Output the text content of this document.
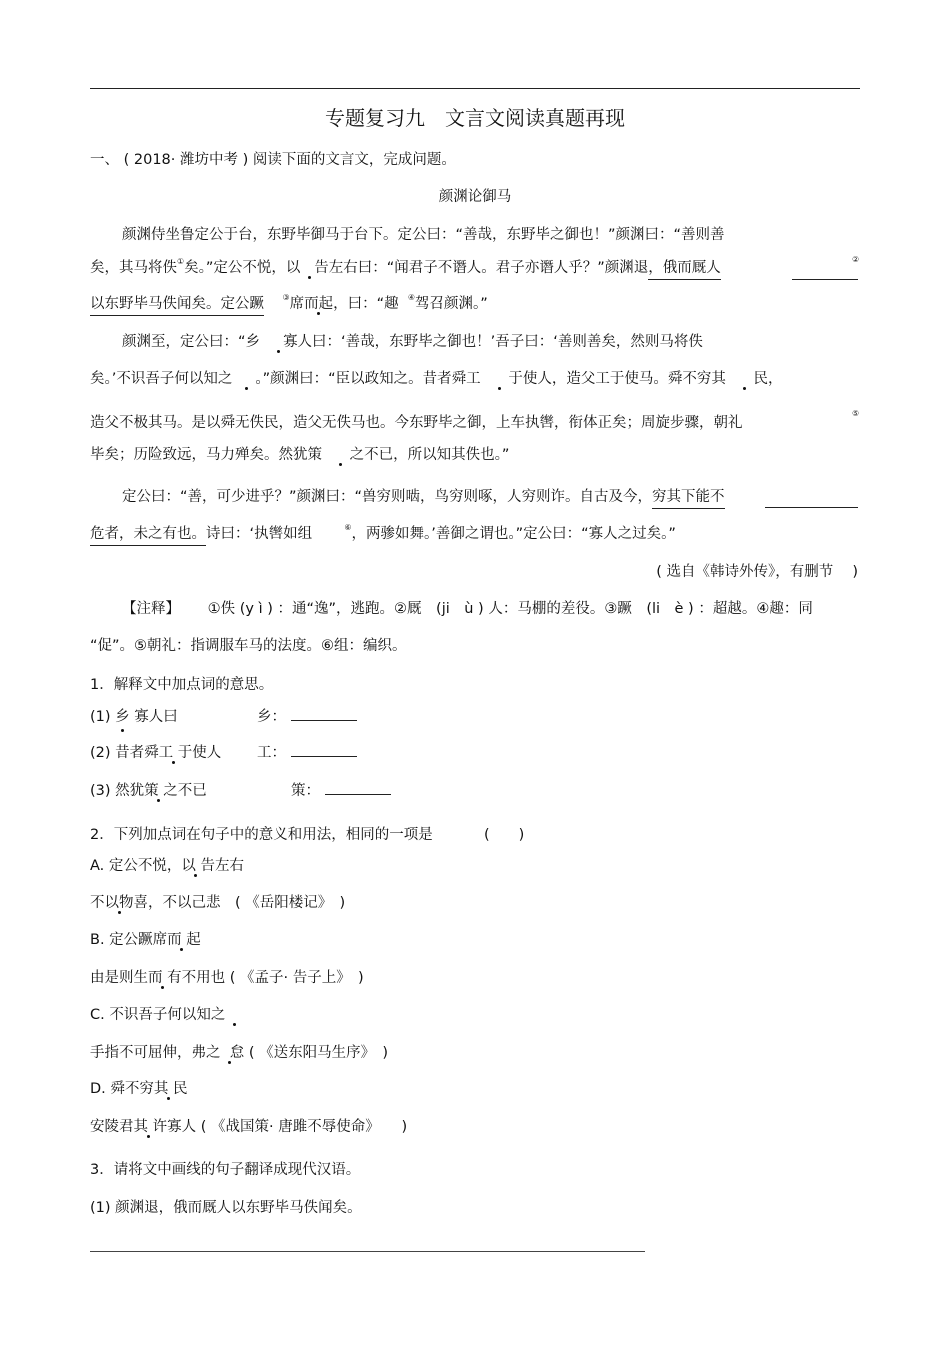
专题复习九　文言文阅读真题再现
一、 ( 2018· 潍坊中考 ) 阅读下面的文言文，完成问题。
颜渊论御马
颜渊侍坐鲁定公于台，东野毕御马于台下。定公曰：“善哉，东野毕之御也！”颜渊曰：“善则善
矣，其马将佚①矣。”定公不悦，以 告左右曰：“闻君子不谮人。君子亦谮人乎？”颜渊退，俄而厩人
②
以东野毕马佚闻矣。定公蹶 ③席而起，曰：“趣 ④驾召颜渊。”
颜渊至，定公曰：“乡 寡人曰：‘善哉，东野毕之御也！’吾子曰：‘善则善矣，然则马将佚
矣。’不识吾子何以知之 。”颜渊曰：“臣以政知之。昔者舜工 于使人，造父工于使马。舜不穷其 民，
造父不极其马。是以舜无佚民，造父无佚马也。今东野毕之御，上车执辔，衔体正矣；周旋步骤，朝礼
⑤
毕矣；历险致远，马力殚矣。然犹策 之不已，所以知其佚也。”
定公曰：“善，可少进乎？”颜渊曰：“兽穷则啮，鸟穷则啄，人穷则诈。自古及今，穷其下能不
危者，未之有也。诗曰：‘执辔如组	⑥，两骖如舞。’善御之谓也。”定公曰：“寡人之过矣。”
( 选自《韩诗外传》，有删节　 )
【注释】 ①佚 (y ì ) ：通“逸”，逃跑。②厩　(ji　ù ) 人：马棚的差役。③蹶　(li　è ) ：超越。④趣：同
“促”。⑤朝礼：指调服车马的法度。⑥组：编织。
1．解释文中加点词的意思。
(1) 乡 寡人曰	乡：
(2) 昔者舜工 于使人 工：
(3) 然犹策 之不已	策：
2．下列加点词在句子中的意义和用法，相同的一项是	(　　)
A. 定公不悦，以 告左右
不以物喜，不以己悲　( 《岳阳楼记》　)
B. 定公蹶席而 起
由是则生而 有不用也 ( 《孟子· 告子上》　)
C. 不识吾子何以知之
手指不可屈伸，弗之 怠 ( 《送东阳马生序》　)
D. 舜不穷其 民
安陵君其 许寡人 ( 《战国策· 唐雎不辱使命》　　)
3．请将文中画线的句子翻译成现代汉语。
(1) 颜渊退，俄而厩人以东野毕马佚闻矣。
